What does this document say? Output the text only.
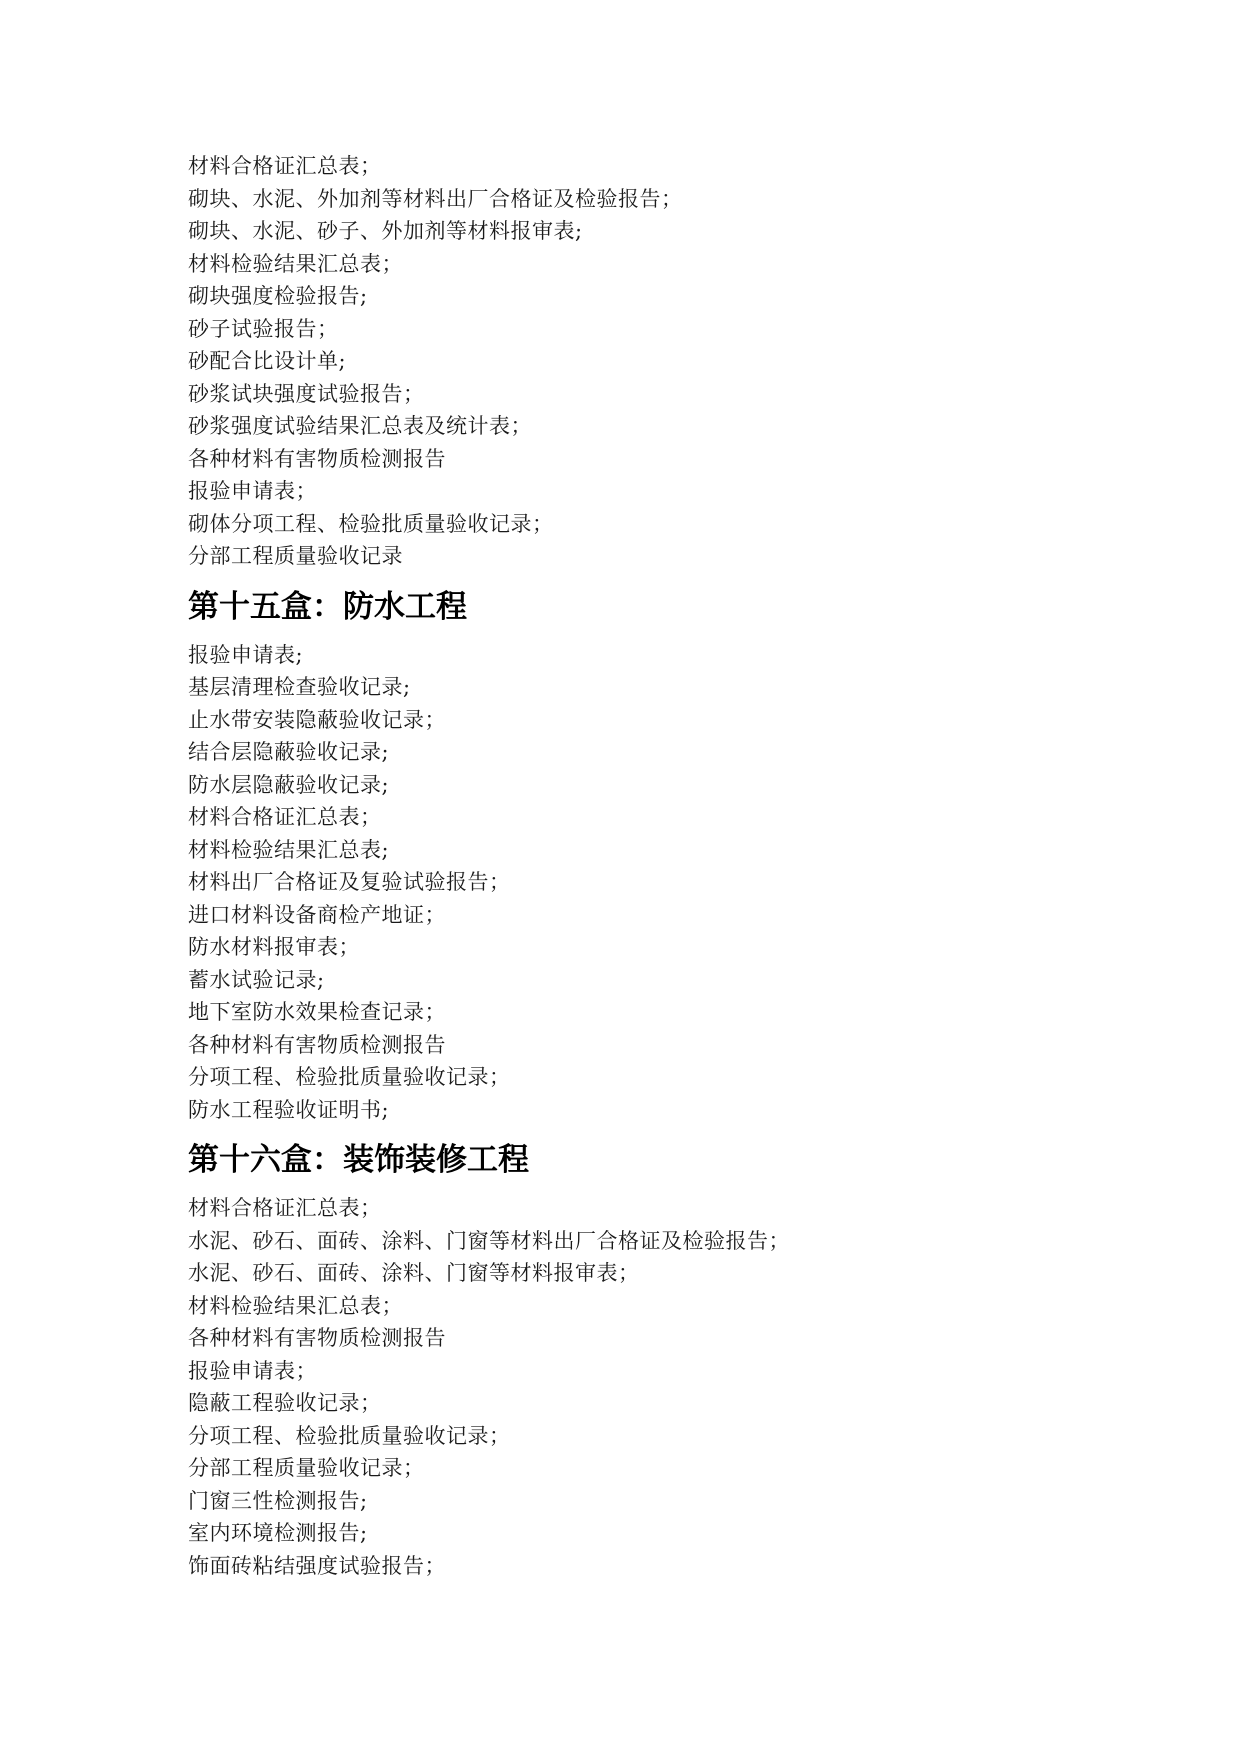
材料合格证汇总表；
砌块、水泥、外加剂等材料出厂合格证及检验报告；
砌块、水泥、砂子、外加剂等材料报审表;
材料检验结果汇总表；
砌块强度检验报告;
砂子试验报告；
砂配合比设计单;
砂浆试块强度试验报告；
砂浆强度试验结果汇总表及统计表；
各种材料有害物质检测报告
报验申请表；
砌体分项工程、检验批质量验收记录；
分部工程质量验收记录
第十五盒：防水工程
报验申请表;
基层清理检查验收记录;
止水带安装隐蔽验收记录；
结合层隐蔽验收记录;
防水层隐蔽验收记录;
材料合格证汇总表；
材料检验结果汇总表;
材料出厂合格证及复验试验报告；
进口材料设备商检产地证；
防水材料报审表；
蓄水试验记录;
地下室防水效果检查记录；
各种材料有害物质检测报告
分项工程、检验批质量验收记录；
防水工程验收证明书;
第十六盒：装饰装修工程
材料合格证汇总表；
水泥、砂石、面砖、涂料、门窗等材料出厂合格证及检验报告；
水泥、砂石、面砖、涂料、门窗等材料报审表；
材料检验结果汇总表；
各种材料有害物质检测报告
报验申请表；
隐蔽工程验收记录；
分项工程、检验批质量验收记录；
分部工程质量验收记录；
门窗三性检测报告;
室内环境检测报告;
饰面砖粘结强度试验报告；
